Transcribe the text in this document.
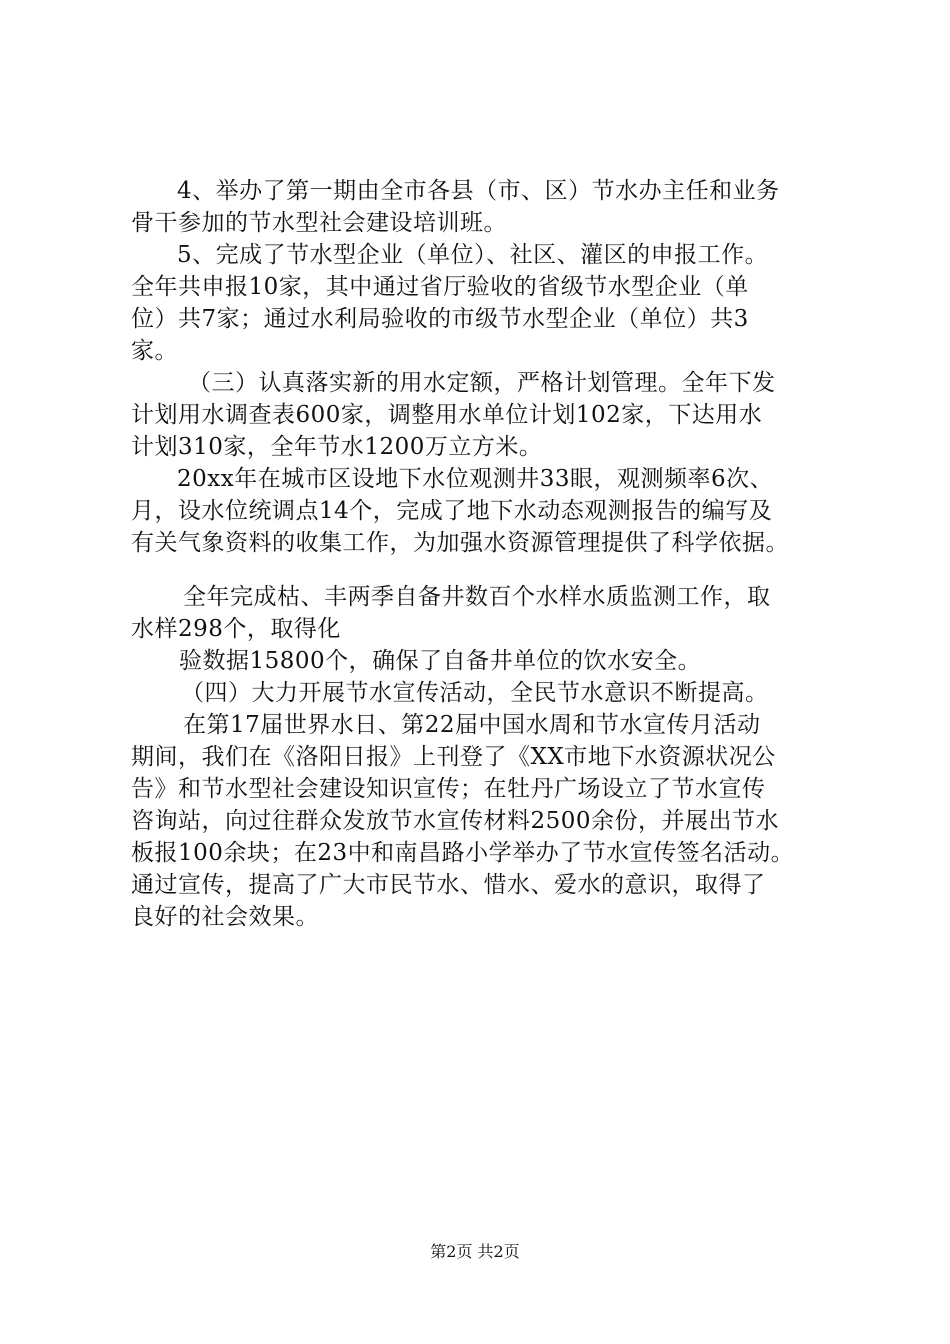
4、举办了第一期由全市各县（市、区）节水办主任和业务
骨干参加的节水型社会建设培训班。
5、完成了节水型企业（单位）、社区、灌区的申报工作。
全年共申报10家，其中通过省厅验收的省级节水型企业（单
位）共7家；通过水利局验收的市级节水型企业（单位）共3
家。
（三）认真落实新的用水定额，严格计划管理。全年下发
计划用水调查表600家，调整用水单位计划102家，下达用水
计划310家，全年节水1200万立方米。
20xx年在城市区设地下水位观测井33眼，观测频率6次、
月，设水位统调点14个，完成了地下水动态观测报告的编写及
有关气象资料的收集工作，为加强水资源管理提供了科学依据。
全年完成枯、丰两季自备井数百个水样水质监测工作，取
水样298个，取得化
验数据15800个，确保了自备井单位的饮水安全。
（四）大力开展节水宣传活动，全民节水意识不断提高。
在第17届世界水日、第22届中国水周和节水宣传月活动
期间，我们在《洛阳日报》上刊登了《XX市地下水资源状况公
告》和节水型社会建设知识宣传；在牡丹广场设立了节水宣传
咨询站，向过往群众发放节水宣传材料2500余份，并展出节水
板报100余块；在23中和南昌路小学举办了节水宣传签名活动。
通过宣传，提高了广大市民节水、惜水、爱水的意识，取得了
良好的社会效果。
第2页 共2页
